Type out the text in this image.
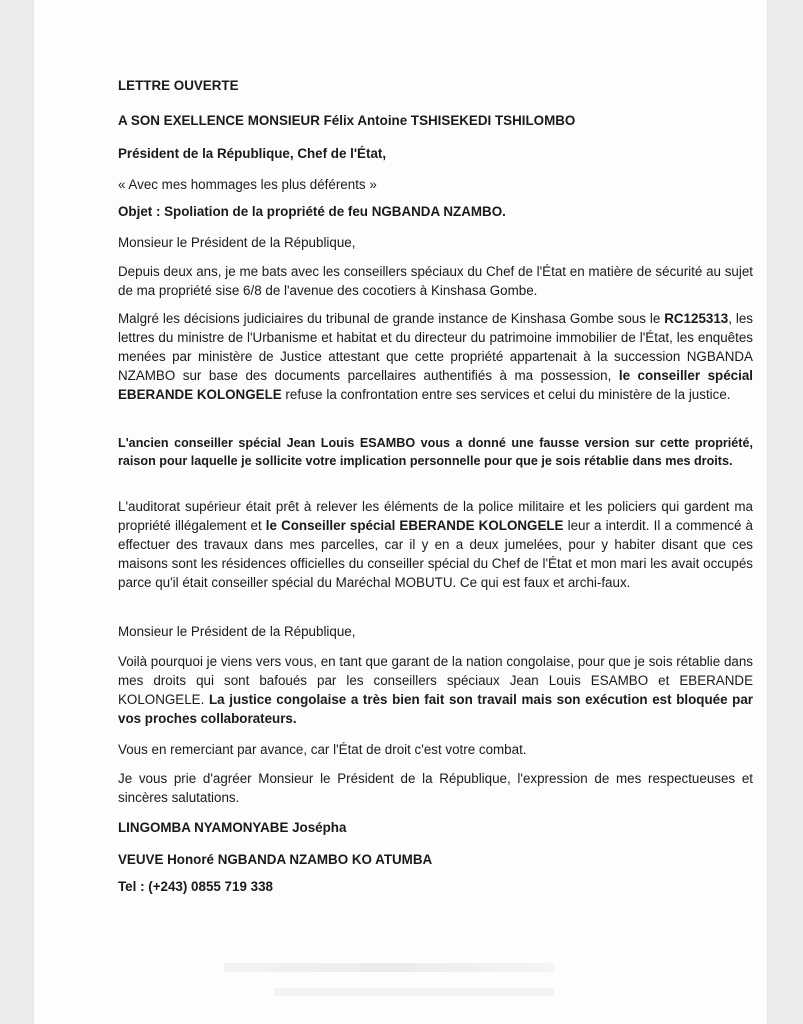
LETTRE OUVERTE

A SON EXELLENCE MONSIEUR Félix Antoine TSHISEKEDI TSHILOMBO

Président de la République, Chef de l'État,

« Avec mes hommages les plus déférents »

Objet : Spoliation de la propriété de feu NGBANDA NZAMBO.

Monsieur le Président de la République,

Depuis deux ans, je me bats avec les conseillers spéciaux du Chef de l'État en matière de sécurité au sujet de ma propriété sise 6/8 de l'avenue des cocotiers à Kinshasa Gombe.

Malgré les décisions judiciaires du tribunal de grande instance de Kinshasa Gombe sous le RC125313, les lettres du ministre de l'Urbanisme et habitat et du directeur du patrimoine immobilier de l'État, les enquêtes menées par ministère de Justice attestant que cette propriété appartenait à la succession NGBANDA NZAMBO sur base des documents parcellaires authentifiés à ma possession, le conseiller spécial EBERANDE KOLONGELE refuse la confrontation entre ses services et celui du ministère de la justice.

L'ancien conseiller spécial Jean Louis ESAMBO vous a donné une fausse version sur cette propriété, raison pour laquelle je sollicite votre implication personnelle pour que je sois rétablie dans mes droits.

L'auditorat supérieur était prêt à relever les éléments de la police militaire et les policiers qui gardent ma propriété illégalement et le Conseiller spécial EBERANDE KOLONGELE leur a interdit. Il a commencé à effectuer des travaux dans mes parcelles, car il y en a deux jumelées, pour y habiter disant que ces maisons sont les résidences officielles du conseiller spécial du Chef de l'État et mon mari les avait occupés parce qu'il était conseiller spécial du Maréchal MOBUTU. Ce qui est faux et archi-faux.

Monsieur le Président de la République,

Voilà pourquoi je viens vers vous, en tant que garant de la nation congolaise, pour que je sois rétablie dans mes droits qui sont bafoués par les conseillers spéciaux Jean Louis ESAMBO et EBERANDE KOLONGELE. La justice congolaise a très bien fait son travail mais son exécution est bloquée par vos proches collaborateurs.

Vous en remerciant par avance, car l'État de droit c'est votre combat.

Je vous prie d'agréer Monsieur le Président de la République, l'expression de mes respectueuses et sincères salutations.

LINGOMBA NYAMONYABE Josépha

VEUVE Honoré NGBANDA NZAMBO KO ATUMBA

Tel : (+243) 0855 719 338
